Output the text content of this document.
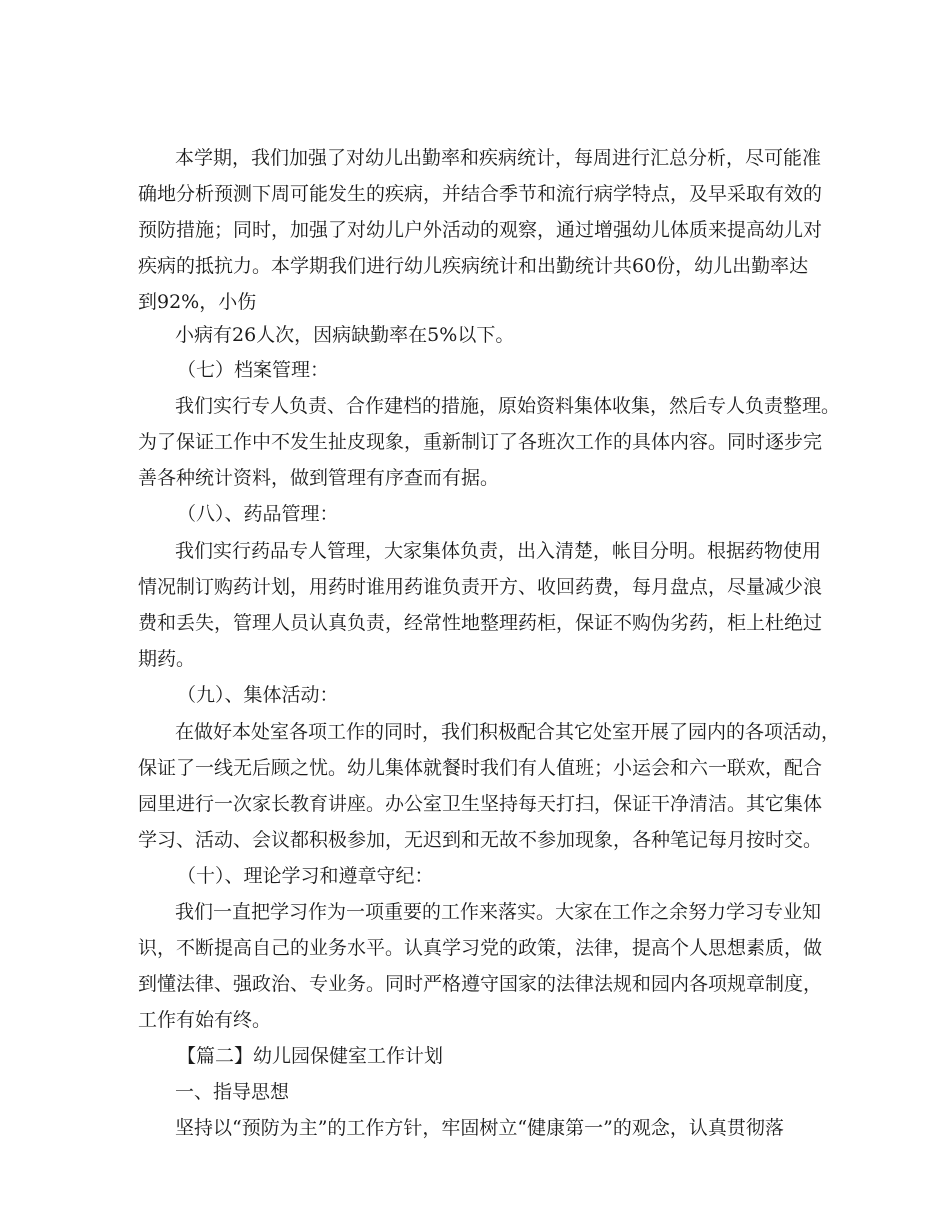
本学期，我们加强了对幼儿出勤率和疾病统计，每周进行汇总分析，尽可能准
确地分析预测下周可能发生的疾病，并结合季节和流行病学特点，及早采取有效的
预防措施；同时，加强了对幼儿户外活动的观察，通过增强幼儿体质来提高幼儿对
疾病的抵抗力。本学期我们进行幼儿疾病统计和出勤统计共60份，幼儿出勤率达
到92%，小伤
小病有26人次，因病缺勤率在5%以下。
（七）档案管理：
我们实行专人负责、合作建档的措施，原始资料集体收集，然后专人负责整理。
为了保证工作中不发生扯皮现象，重新制订了各班次工作的具体内容。同时逐步完
善各种统计资料，做到管理有序查而有据。
（八）、药品管理：
我们实行药品专人管理，大家集体负责，出入清楚，帐目分明。根据药物使用
情况制订购药计划，用药时谁用药谁负责开方、收回药费，每月盘点，尽量减少浪
费和丢失，管理人员认真负责，经常性地整理药柜，保证不购伪劣药，柜上杜绝过
期药。
（九）、集体活动：
在做好本处室各项工作的同时，我们积极配合其它处室开展了园内的各项活动，
保证了一线无后顾之忧。幼儿集体就餐时我们有人值班；小运会和六一联欢，配合
园里进行一次家长教育讲座。办公室卫生坚持每天打扫，保证干净清洁。其它集体
学习、活动、会议都积极参加，无迟到和无故不参加现象，各种笔记每月按时交。
（十）、理论学习和遵章守纪：
我们一直把学习作为一项重要的工作来落实。大家在工作之余努力学习专业知
识，不断提高自己的业务水平。认真学习党的政策，法律，提高个人思想素质，做
到懂法律、强政治、专业务。同时严格遵守国家的法律法规和园内各项规章制度，
工作有始有终。
【篇二】幼儿园保健室工作计划
一、指导思想
坚持以“预防为主”的工作方针，牢固树立“健康第一”的观念，认真贯彻落
